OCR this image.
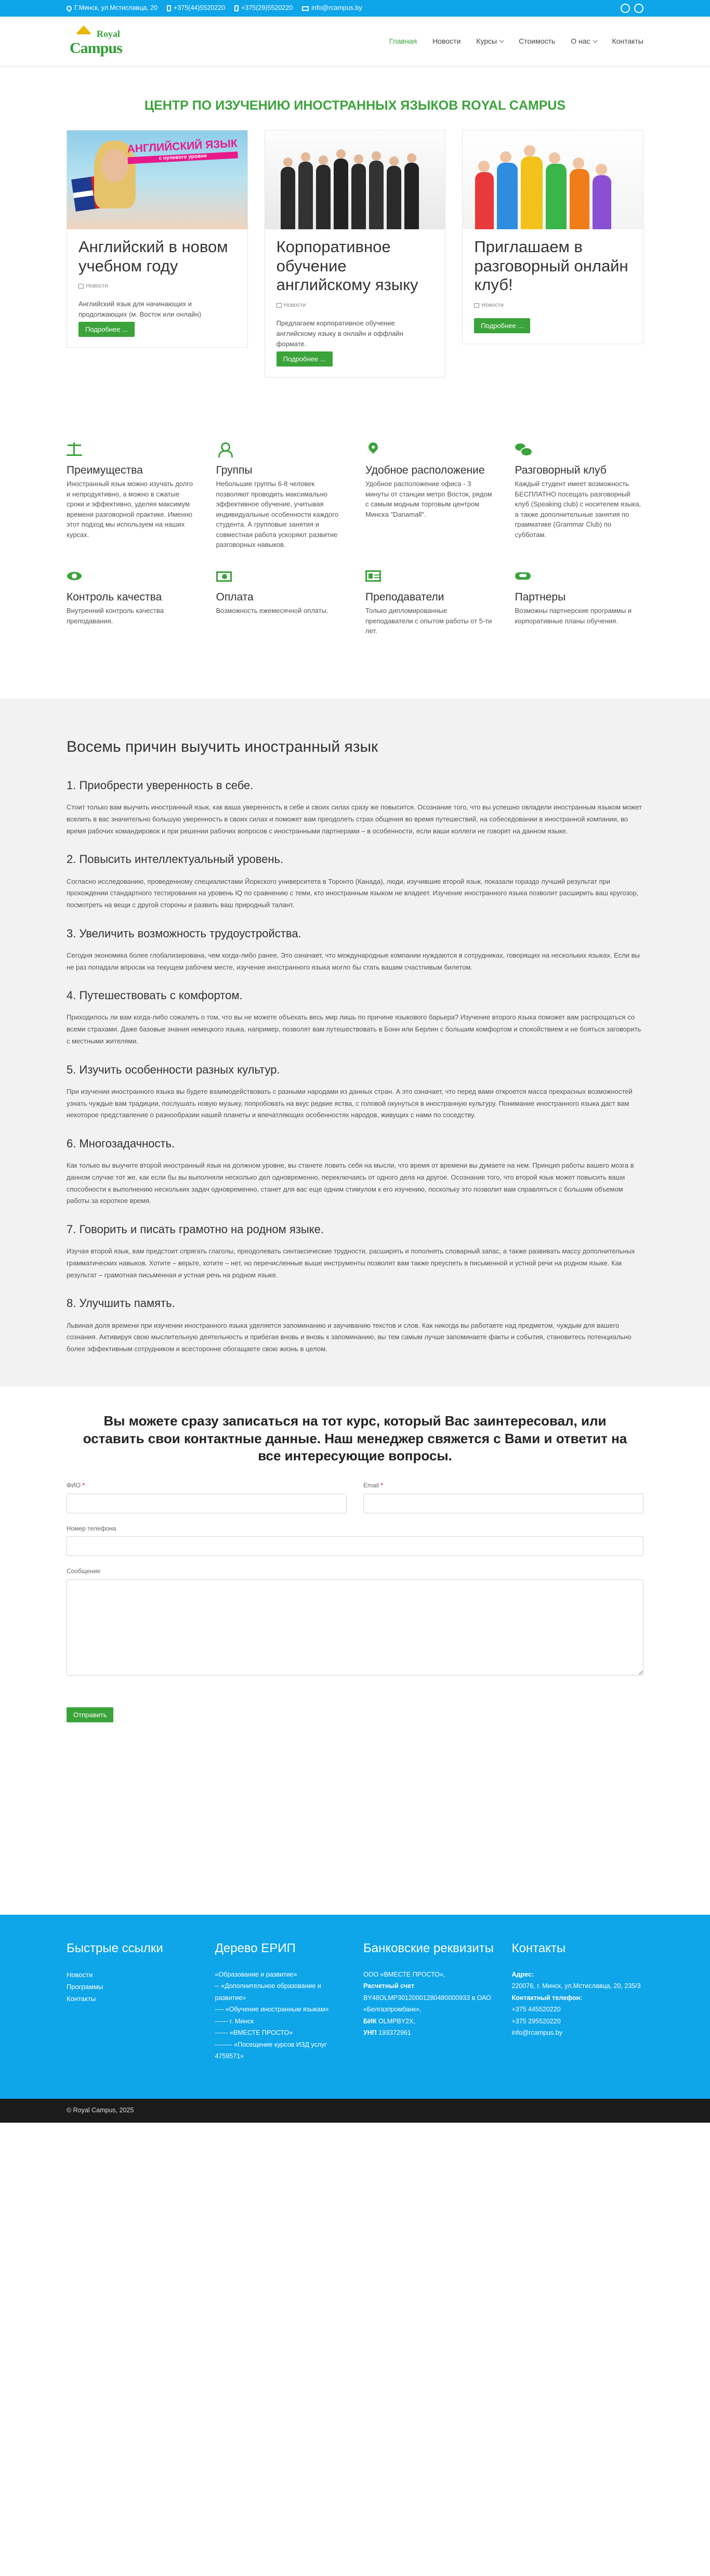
Г.Минск, ул.Мстиславца, 20 +375(44)5520220 +375(29)5520220	info@rcampus.by
Royal
Campus	Главная Новости Курсы	Стоимость О нас	Контакты
ЦЕНТР ПО ИЗУЧЕНИЮ ИНОСТРАННЫХ ЯЗЫКОВ ROYAL CAMPUS
АНГЛИЙСКИЙ ЯЗЫК
с нулевого уровня
Английский в новом учебном году
Новости

Английский язык для начинающих и продолжающих (м. Восток или онлайн)

Подробнее ...
Корпоративное обучение английскому языку
Новости

Предлагаем корпоративное обучение английскому языку в онлайн и оффлайн формате.

Подробнее ...
Приглашаем в разговорный онлайн клуб!
Новости
Подробнее ...
Преимущества

Иностранный язык можно изучать долго и непродуктивно, а можно в сжатые сроки и эффективно, уделяя максимум времени разговорной практике. Именно этот подход мы используем на наших курсах.

Группы

Небольшие группы 6-8 человек позволяют проводить максимально эффективное обучение, учитывая индивидуальные особенности каждого студента. А групповые занятия и совместная работа ускоряют развитие разговорных навыков.

Удобное расположение

Удобное расположение офиса - 3 минуты от станции метро Восток, рядом с самым модным торговым центром Минска "Danamall".

Разговорный клуб

Каждый студент имеет возможность БЕСПЛАТНО посещать разговорный клуб (Speaking club) с носителем языка, а также дополнительные занятия по грамматике (Grammar Club) по субботам.

Контроль качества

Внутренний контроль качества преподавания.

Оплата

Возможность ежемесячной оплаты.

Преподаватели

Только дипломированные преподаватели с опытом работы от 5-ти лет.

Партнеры

Возможны партнерские программы и корпоративные планы обучения.

Восемь причин выучить иностранный язык
1. Приобрести уверенность в себе.

Стоит только вам выучить иностранный язык, как ваша уверенность в себе и своих силах сразу же повысится. Осознание того, что вы успешно овладели иностранным языком может вселить в вас значительно большую уверенность в своих силах и поможет вам преодолеть страх общения во время путешествий, на собеседовании в иностранной компании, во время рабочих командировок и при решении рабочих вопросов с иностранными партнерами – в особенности, если ваши коллеги не говорят на данном языке.

2. Повысить интеллектуальный уровень.

Согласно исследованию, проведенному специалистами Йоркского университета в Торонто (Канада), люди, изучившие второй язык, показали гораздо лучший результат при прохождении стандартного тестирования на уровень IQ по сравнению с теми, кто иностранным языком не владеет. Изучение иностранного языка позволит расширить ваш кругозор, посмотреть на вещи с другой стороны и развить ваш природный талант.

3. Увеличить возможность трудоустройства.

Сегодня экономика более глобализирована, чем когда-либо ранее. Это означает, что международные компании нуждаются в сотрудниках, говорящих на нескольких языках. Если вы не раз попадали впросак на текущем рабочем месте, изучение иностранного языка могло бы стать вашим счастливым билетом.

4. Путешествовать с комфортом.

Приходилось ли вам когда-либо сожалеть о том, что вы не можете объехать весь мир лишь по причине языкового барьера? Изучение второго языка поможет вам распрощаться со всеми страхами. Даже базовые знания немецкого языка, например, позволят вам путешествовать в Бонн или Берлин с большим комфортом и спокойствием и не бояться заговорить с местными жителями.

5. Изучить особенности разных культур.

При изучении иностранного языка вы будете взаимодействовать с разными народами из данных стран. А это означает, что перед вами откроется масса прекрасных возможностей узнать чуждые вам традиции, послушать новую музыку, попробовать на вкус редкие яства, с головой окунуться в иностранную культуру. Понимание иностранного языка даст вам некоторое представление о разнообразии нашей планеты и впечатляющих особенностях народов, живущих с нами по соседству.

6. Многозадачность.

Как только вы выучите второй иностранный язык на должном уровне, вы станете ловить себя на мысли, что время от времени вы думаете на нем. Принцип работы вашего мозга в данном случае тот же, как если бы вы выполняли несколько дел одновременно, переключаясь от одного дела на другое. Осознание того, что второй язык может повысить ваши способности к выполнению нескольких задач одновременно, станет для вас еще одним стимулом к его изучению, поскольку это позволит вам справляться с большим объемом работы за короткое время.

7. Говорить и писать грамотно на родном языке.

Изучая второй язык, вам предстоит спрягать глаголы, преодолевать синтаксические трудности, расширять и пополнять словарный запас, а также развивать массу дополнительных грамматических навыков. Хотите – верьте, хотите – нет, но перечисленные выше инструменты позволят вам также преуспеть в письменной и устной речи на родном языке. Как результат – грамотная письменная и устная речь на родном языке.

8. Улучшить память.

Львиная доля времени при изучении иностранного языка уделяется запоминанию и заучиванию текстов и слов. Как никогда вы работаете над предметом, чуждым для вашего сознания. Активируя свою мыслительную деятельность и прибегая вновь и вновь к запоминанию, вы тем самым лучше запоминаете факты и события, становитесь потенциально более эффективным сотрудником и всесторонне обогащаете свою жизнь в целом.

Вы можете сразу записаться на тот курс, который Вас заинтересовал, или оставить свои контактные данные. Наш менеджер свяжется с Вами и ответит на все интересующие вопросы.
ФИО *	Email *
Номер телефона
Сообщение
Отправить
Быстрые ссылки
Новости
Программы
Контакты
Дерево ЕРИП
«Образование и развитие»
-- «Дополнительное образование и развитие»
---- «Обучение иностранным языкам»
------ г. Минск
------ «ВМЕСТЕ ПРОСТО»
-------- «Посещение курсов ИЗД услуг 4759571»
Банковские реквизиты
ООО «ВМЕСТЕ ПРОСТО»,
Расчетный счет
BY48OLMP30120001280480000933 в ОАО «Белгазпромбанк»,
БИК OLMPBY2X,
УНП 193372961
Контакты
Адрес:
220076, г. Минск, ул.Мстиславца, 20, 235/3
Контактный телефон:
+375 445520220
+375 295520220
info@rcampus.by
© Royal Campus, 2025
